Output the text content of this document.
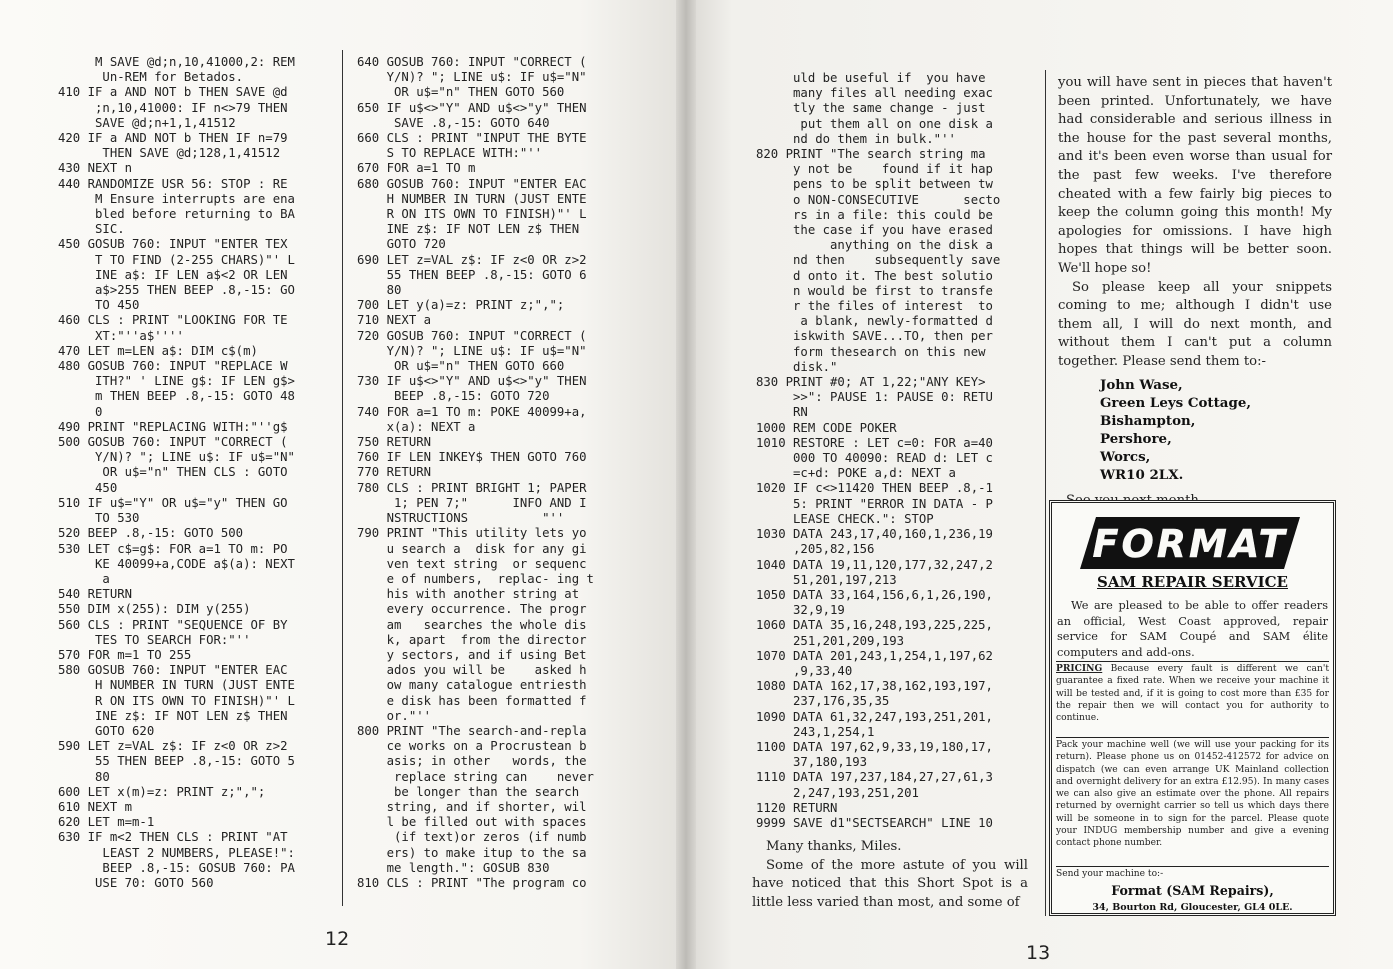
M SAVE @d;n,10,41000,2: REM
Un-REM for Betados.
410 IF a AND NOT b THEN SAVE @d
;n,10,41000: IF n<>79 THEN
SAVE @d;n+1,1,41512
420 IF a AND NOT b THEN IF n=79
THEN SAVE @d;128,1,41512
430 NEXT n
440 RANDOMIZE USR 56: STOP : RE
M Ensure interrupts are ena
bled before returning to BA
SIC.
450 GOSUB 760: INPUT "ENTER TEX
T TO FIND (2-255 CHARS)"' L
INE a$: IF LEN a$<2 OR LEN
a$>255 THEN BEEP .8,-15: GO
TO 450
460 CLS : PRINT "LOOKING FOR TE
XT:"''a$''''
470 LET m=LEN a$: DIM c$(m)
480 GOSUB 760: INPUT "REPLACE W
ITH?" ' LINE g$: IF LEN g$>
m THEN BEEP .8,-15: GOTO 48
0
490 PRINT "REPLACING WITH:"''g$
500 GOSUB 760: INPUT "CORRECT (
Y/N)? "; LINE u$: IF u$="N"
OR u$="n" THEN CLS : GOTO
450
510 IF u$="Y" OR u$="y" THEN GO
TO 530
520 BEEP .8,-15: GOTO 500
530 LET c$=g$: FOR a=1 TO m: PO
KE 40099+a,CODE a$(a): NEXT
a
540 RETURN
550 DIM x(255): DIM y(255)
560 CLS : PRINT "SEQUENCE OF BY
TES TO SEARCH FOR:"''
570 FOR m=1 TO 255
580 GOSUB 760: INPUT "ENTER EAC
H NUMBER IN TURN (JUST ENTE
R ON ITS OWN TO FINISH)"' L
INE z$: IF NOT LEN z$ THEN
GOTO 620
590 LET z=VAL z$: IF z<0 OR z>2
55 THEN BEEP .8,-15: GOTO 5
80
600 LET x(m)=z: PRINT z;",";
610 NEXT m
620 LET m=m-1
630 IF m<2 THEN CLS : PRINT "AT
LEAST 2 NUMBERS, PLEASE!":
BEEP .8,-15: GOSUB 760: PA
USE 70: GOTO 560
640 GOSUB 760: INPUT "CORRECT (
Y/N)? "; LINE u$: IF u$="N"
OR u$="n" THEN GOTO 560
650 IF u$<>"Y" AND u$<>"y" THEN
SAVE .8,-15: GOTO 640
660 CLS : PRINT "INPUT THE BYTE
S TO REPLACE WITH:"''
670 FOR a=1 TO m
680 GOSUB 760: INPUT "ENTER EAC
H NUMBER IN TURN (JUST ENTE
R ON ITS OWN TO FINISH)"' L
INE z$: IF NOT LEN z$ THEN
GOTO 720
690 LET z=VAL z$: IF z<0 OR z>2
55 THEN BEEP .8,-15: GOTO 6
80
700 LET y(a)=z: PRINT z;",";
710 NEXT a
720 GOSUB 760: INPUT "CORRECT (
Y/N)? "; LINE u$: IF u$="N"
OR u$="n" THEN GOTO 660
730 IF u$<>"Y" AND u$<>"y" THEN
BEEP .8,-15: GOTO 720
740 FOR a=1 TO m: POKE 40099+a,
x(a): NEXT a
750 RETURN
760 IF LEN INKEY$ THEN GOTO 760
770 RETURN
780 CLS : PRINT BRIGHT 1; PAPER
1; PEN 7;"      INFO AND I
NSTRUCTIONS          "''
790 PRINT "This utility lets yo
u search a  disk for any gi
ven text string  or sequenc
e of numbers,  replac- ing t
his with another string at
every occurrence. The progr
am   searches the whole dis
k, apart  from the director
y sectors, and if using Bet
ados you will be    asked h
ow many catalogue entriesth
e disk has been formatted f
or."''
800 PRINT "The search-and-repla
ce works on a Procrustean b
asis; in other   words, the
replace string can    never
be longer than the search
string, and if shorter, wil
l be filled out with spaces
(if text)or zeros (if numb
ers) to make itup to the sa
me length.": GOSUB 830
810 CLS : PRINT "The program co
12
uld be useful if  you have
many files all needing exac
tly the same change - just
put them all on one disk a
nd do them in bulk."''
820 PRINT "The search string ma
y not be    found if it hap
pens to be split between tw
o NON-CONSECUTIVE      secto
rs in a file: this could be
the case if you have erased
anything on the disk a
nd then    subsequently save
d onto it. The best solutio
n would be first to transfe
r the files of interest  to
a blank, newly-formatted d
iskwith SAVE...TO, then per
form thesearch on this new
disk."
830 PRINT #0; AT 1,22;"ANY KEY>
>>": PAUSE 1: PAUSE 0: RETU
RN
1000 REM CODE POKER
1010 RESTORE : LET c=0: FOR a=40
000 TO 40090: READ d: LET c
=c+d: POKE a,d: NEXT a
1020 IF c<>11420 THEN BEEP .8,-1
5: PRINT "ERROR IN DATA - P
LEASE CHECK.": STOP
1030 DATA 243,17,40,160,1,236,19
,205,82,156
1040 DATA 19,11,120,177,32,247,2
51,201,197,213
1050 DATA 33,164,156,6,1,26,190,
32,9,19
1060 DATA 35,16,248,193,225,225,
251,201,209,193
1070 DATA 201,243,1,254,1,197,62
,9,33,40
1080 DATA 162,17,38,162,193,197,
237,176,35,35
1090 DATA 61,32,247,193,251,201,
243,1,254,1
1100 DATA 197,62,9,33,19,180,17,
37,180,193
1110 DATA 197,237,184,27,27,61,3
2,247,193,251,201
1120 RETURN
9999 SAVE d1"SECTSEARCH" LINE 10

Many thanks, Miles.

Some of the more astute of you will have noticed that this Short Spot is a little less varied than most, and some of

you will have sent in pieces that haven't been printed. Unfortunately, we have had considerable and serious illness in the house for the past several months, and it's been even worse than usual for the past few weeks. I've therefore cheated with a few fairly big pieces to keep the column going this month! My apologies for omissions. I have high hopes that things will be better soon. We'll hope so!

So please keep all your snippets coming to me; although I didn't use them all, I will do next month, and without them I can't put a column together. Please send them to:-

John Wase,
Green Leys Cottage,
Bishampton,
Pershore,
Worcs,
WR10 2LX.

FORMAT
SAM REPAIR SERVICE
We are pleased to be able to offer readers an official, West Coast approved, repair service for SAM Coupé and SAM élite computers and add-ons.
PRICING Because every fault is different we can't guarantee a fixed rate. When we receive your machine it will be tested and, if it is going to cost more than £35 for the repair then we will contact you for authority to continue.
Pack your machine well (we will use your packing for its return). Please phone us on 01452-412572 for advice on dispatch (we can even arrange UK Mainland collection and overnight delivery for an extra £12.95). In many cases we can also give an estimate over the phone. All repairs returned by overnight carrier so tell us which days there will be someone in to sign for the parcel. Please quote your INDUG membership number and give a evening contact phone number.
Send your machine to:-
Format (SAM Repairs),
34, Bourton Rd, Gloucester, GL4 0LE.
13
